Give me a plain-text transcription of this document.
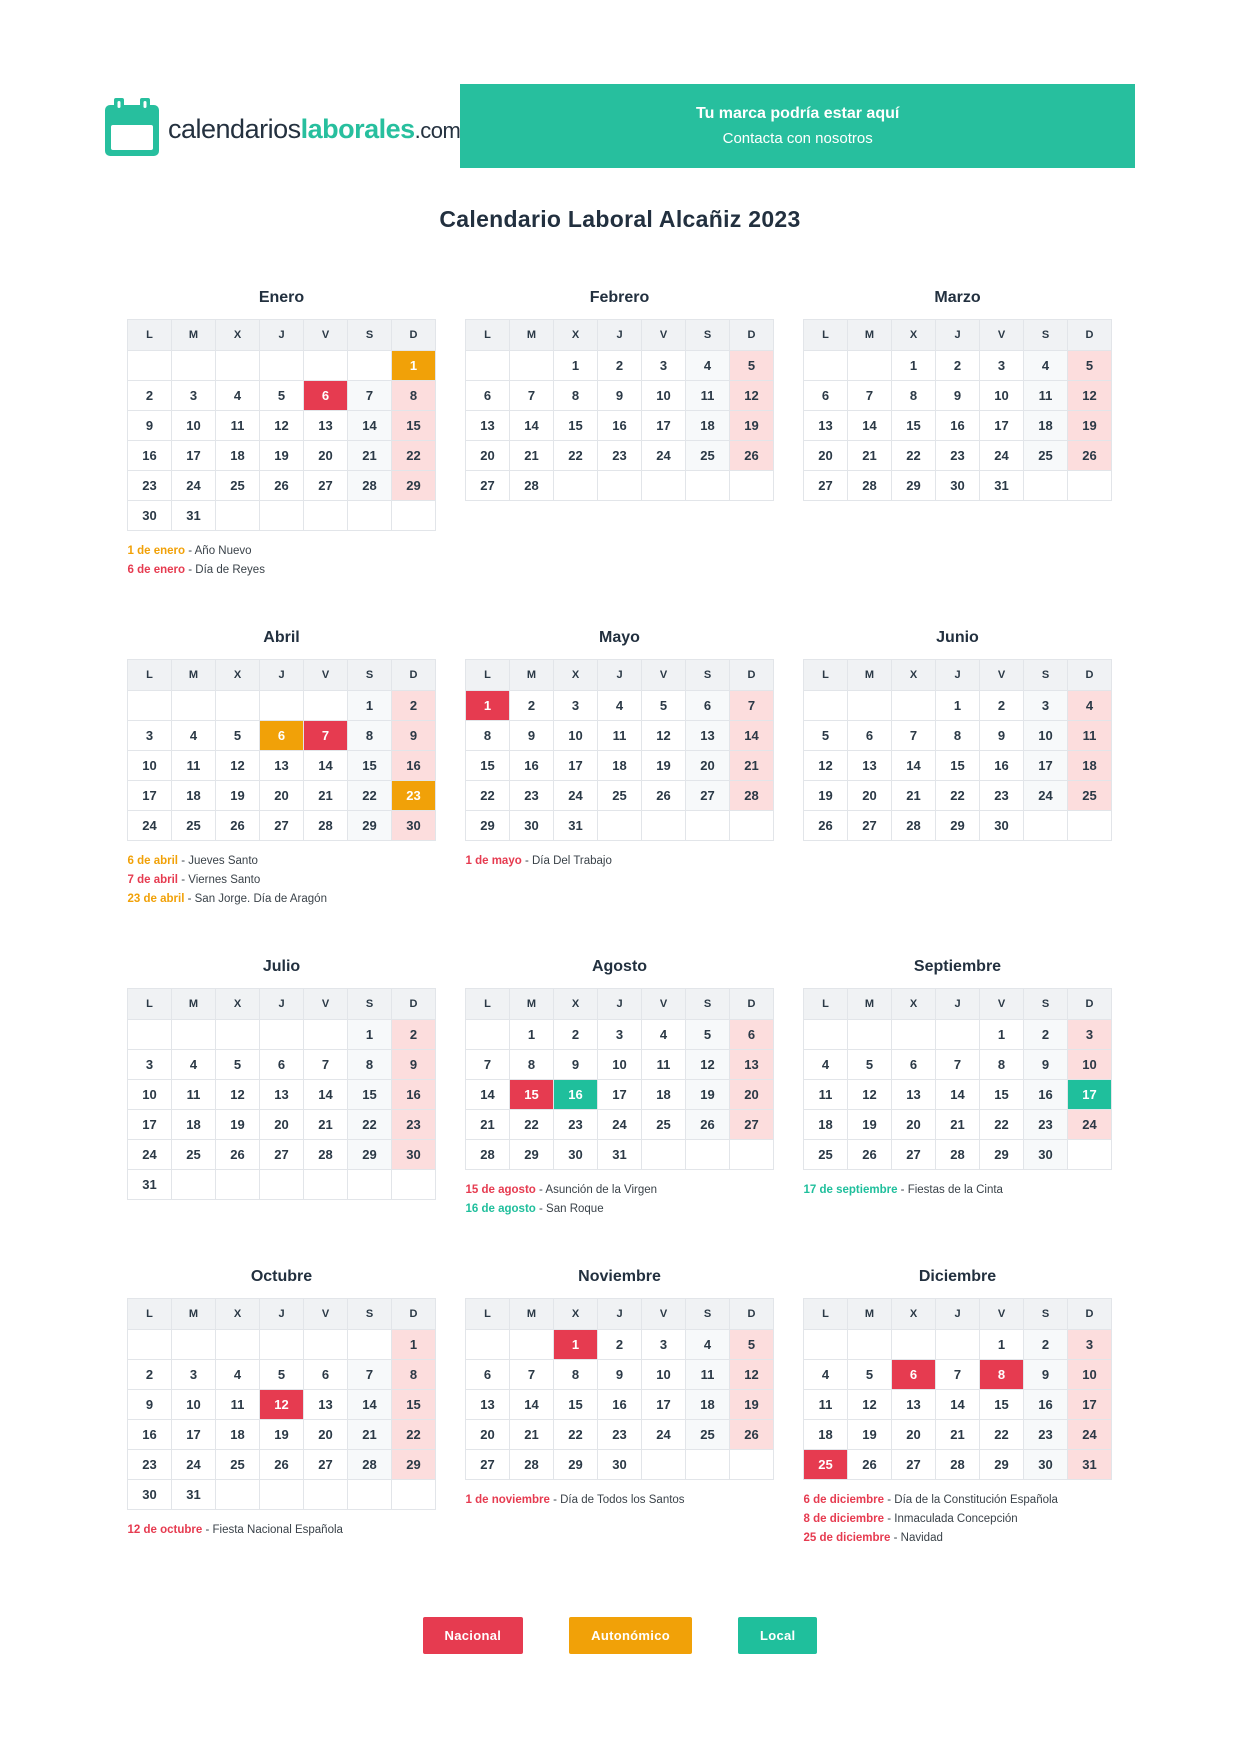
calendarioslaborales.com
Tu marca podría estar aquí
Contacta con nosotros
Calendario Laboral Alcañiz 2023
Enero
L	M	X	J	V	S	D
						1
2	3	4	5	6	7	8
9	10	11	12	13	14	15
16	17	18	19	20	21	22
23	24	25	26	27	28	29
30	31					
1 de enero - Año Nuevo
6 de enero - Día de Reyes
Febrero
L	M	X	J	V	S	D
		1	2	3	4	5
6	7	8	9	10	11	12
13	14	15	16	17	18	19
20	21	22	23	24	25	26
27	28					
Marzo
L	M	X	J	V	S	D
		1	2	3	4	5
6	7	8	9	10	11	12
13	14	15	16	17	18	19
20	21	22	23	24	25	26
27	28	29	30	31		
Abril
L	M	X	J	V	S	D
					1	2
3	4	5	6	7	8	9
10	11	12	13	14	15	16
17	18	19	20	21	22	23
24	25	26	27	28	29	30
6 de abril - Jueves Santo
7 de abril - Viernes Santo
23 de abril - San Jorge. Día de Aragón
Mayo
L	M	X	J	V	S	D
1	2	3	4	5	6	7
8	9	10	11	12	13	14
15	16	17	18	19	20	21
22	23	24	25	26	27	28
29	30	31				
1 de mayo - Día Del Trabajo
Junio
L	M	X	J	V	S	D
			1	2	3	4
5	6	7	8	9	10	11
12	13	14	15	16	17	18
19	20	21	22	23	24	25
26	27	28	29	30		
Julio
L	M	X	J	V	S	D
					1	2
3	4	5	6	7	8	9
10	11	12	13	14	15	16
17	18	19	20	21	22	23
24	25	26	27	28	29	30
31						
Agosto
L	M	X	J	V	S	D
	1	2	3	4	5	6
7	8	9	10	11	12	13
14	15	16	17	18	19	20
21	22	23	24	25	26	27
28	29	30	31			
15 de agosto - Asunción de la Virgen
16 de agosto - San Roque
Septiembre
L	M	X	J	V	S	D
				1	2	3
4	5	6	7	8	9	10
11	12	13	14	15	16	17
18	19	20	21	22	23	24
25	26	27	28	29	30	
17 de septiembre - Fiestas de la Cinta
Octubre
L	M	X	J	V	S	D
						1
2	3	4	5	6	7	8
9	10	11	12	13	14	15
16	17	18	19	20	21	22
23	24	25	26	27	28	29
30	31					
12 de octubre - Fiesta Nacional Española
Noviembre
L	M	X	J	V	S	D
		1	2	3	4	5
6	7	8	9	10	11	12
13	14	15	16	17	18	19
20	21	22	23	24	25	26
27	28	29	30			
1 de noviembre - Día de Todos los Santos
Diciembre
L	M	X	J	V	S	D
				1	2	3
4	5	6	7	8	9	10
11	12	13	14	15	16	17
18	19	20	21	22	23	24
25	26	27	28	29	30	31
6 de diciembre - Día de la Constitución Española
8 de diciembre - Inmaculada Concepción
25 de diciembre - Navidad
Nacional	Autonómico	Local
